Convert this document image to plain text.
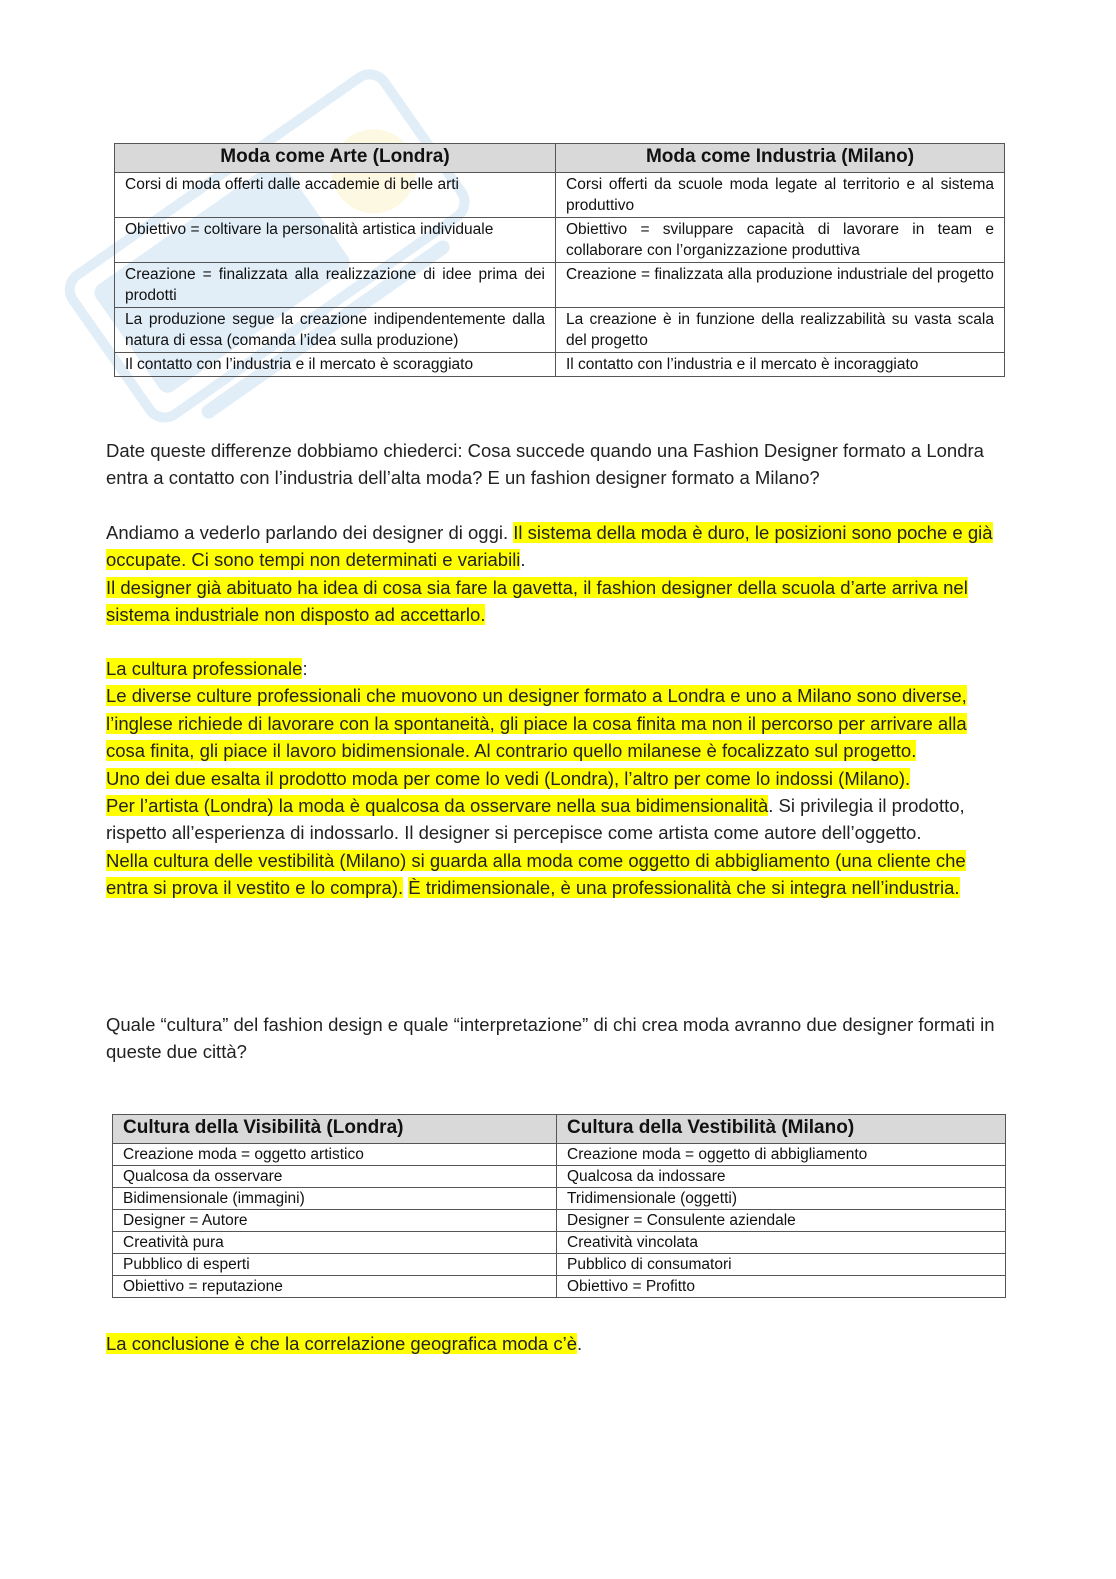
Moda come Arte (Londra)	Moda come Industria (Milano)
Corsi di moda offerti dalle accademie di belle arti	Corsi offerti da scuole moda legate al territorio e al sistema produttivo
Obiettivo = coltivare la personalità artistica individuale	Obiettivo = sviluppare capacità di lavorare in team e collaborare con l’organizzazione produttiva
Creazione = finalizzata alla realizzazione di idee prima dei prodotti	Creazione = finalizzata alla produzione industriale del progetto
La produzione segue la creazione indipendentemente dalla natura di essa (comanda l’idea sulla produzione)	La creazione è in funzione della realizzabilità su vasta scala del progetto
Il contatto con l’industria e il mercato è scoraggiato	Il contatto con l’industria e il mercato è incoraggiato

Date queste differenze dobbiamo chiederci: Cosa succede quando una Fashion Designer formato a Londra entra a contatto con l’industria dell’alta moda? E un fashion designer formato a Milano?

Andiamo a vederlo parlando dei designer di oggi. Il sistema della moda è duro, le posizioni sono poche e già occupate. Ci sono tempi non determinati e variabili.
Il designer già abituato ha idea di cosa sia fare la gavetta, il fashion designer della scuola d’arte arriva nel sistema industriale non disposto ad accettarlo.

La cultura professionale:
Le diverse culture professionali che muovono un designer formato a Londra e uno a Milano sono diverse, l’inglese richiede di lavorare con la spontaneità, gli piace la cosa finita ma non il percorso per arrivare alla cosa finita, gli piace il lavoro bidimensionale. Al contrario quello milanese è focalizzato sul progetto.
Uno dei due esalta il prodotto moda per come lo vedi (Londra), l’altro per come lo indossi (Milano).
Per l’artista (Londra) la moda è qualcosa da osservare nella sua bidimensionalità. Si privilegia il prodotto, rispetto all’esperienza di indossarlo. Il designer si percepisce come artista come autore dell’oggetto.
Nella cultura delle vestibilità (Milano) si guarda alla moda come oggetto di abbigliamento (una cliente che entra si prova il vestito e lo compra). È tridimensionale, è una professionalità che si integra nell’industria.

Quale “cultura” del fashion design e quale “interpretazione” di chi crea moda avranno due designer formati in queste due città?

Cultura della Visibilità (Londra)	Cultura della Vestibilità (Milano)
Creazione moda = oggetto artistico	Creazione moda = oggetto di abbigliamento
Qualcosa da osservare	Qualcosa da indossare
Bidimensionale (immagini)	Tridimensionale (oggetti)
Designer = Autore	Designer = Consulente aziendale
Creatività pura	Creatività vincolata
Pubblico di esperti	Pubblico di consumatori
Obiettivo = reputazione	Obiettivo = Profitto

La conclusione è che la correlazione geografica moda c’è.
